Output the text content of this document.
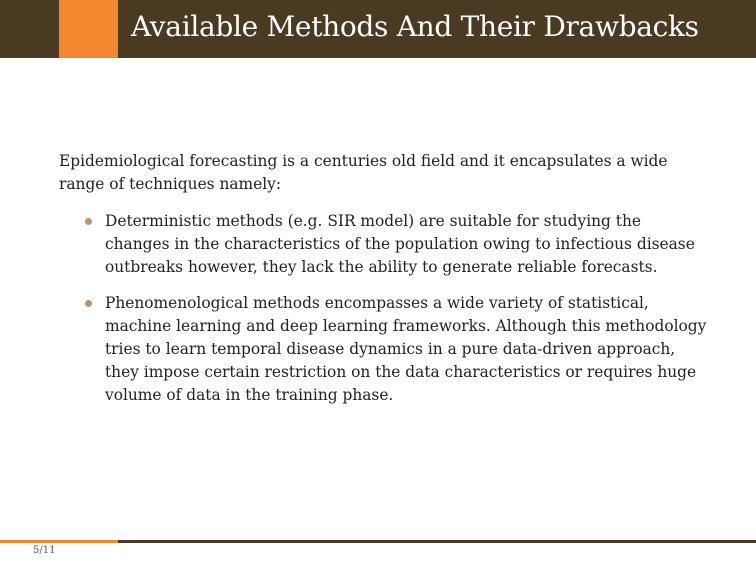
Available Methods And Their Drawbacks

Epidemiological forecasting is a centuries old field and it encapsulates a wide range of techniques namely:

Deterministic methods (e.g. SIR model) are suitable for studying the changes in the characteristics of the population owing to infectious disease outbreaks however, they lack the ability to generate reliable forecasts.
Phenomenological methods encompasses a wide variety of statistical, machine learning and deep learning frameworks. Although this methodology tries to learn temporal disease dynamics in a pure data-driven approach, they impose certain restriction on the data characteristics or requires huge volume of data in the training phase.
5/11
